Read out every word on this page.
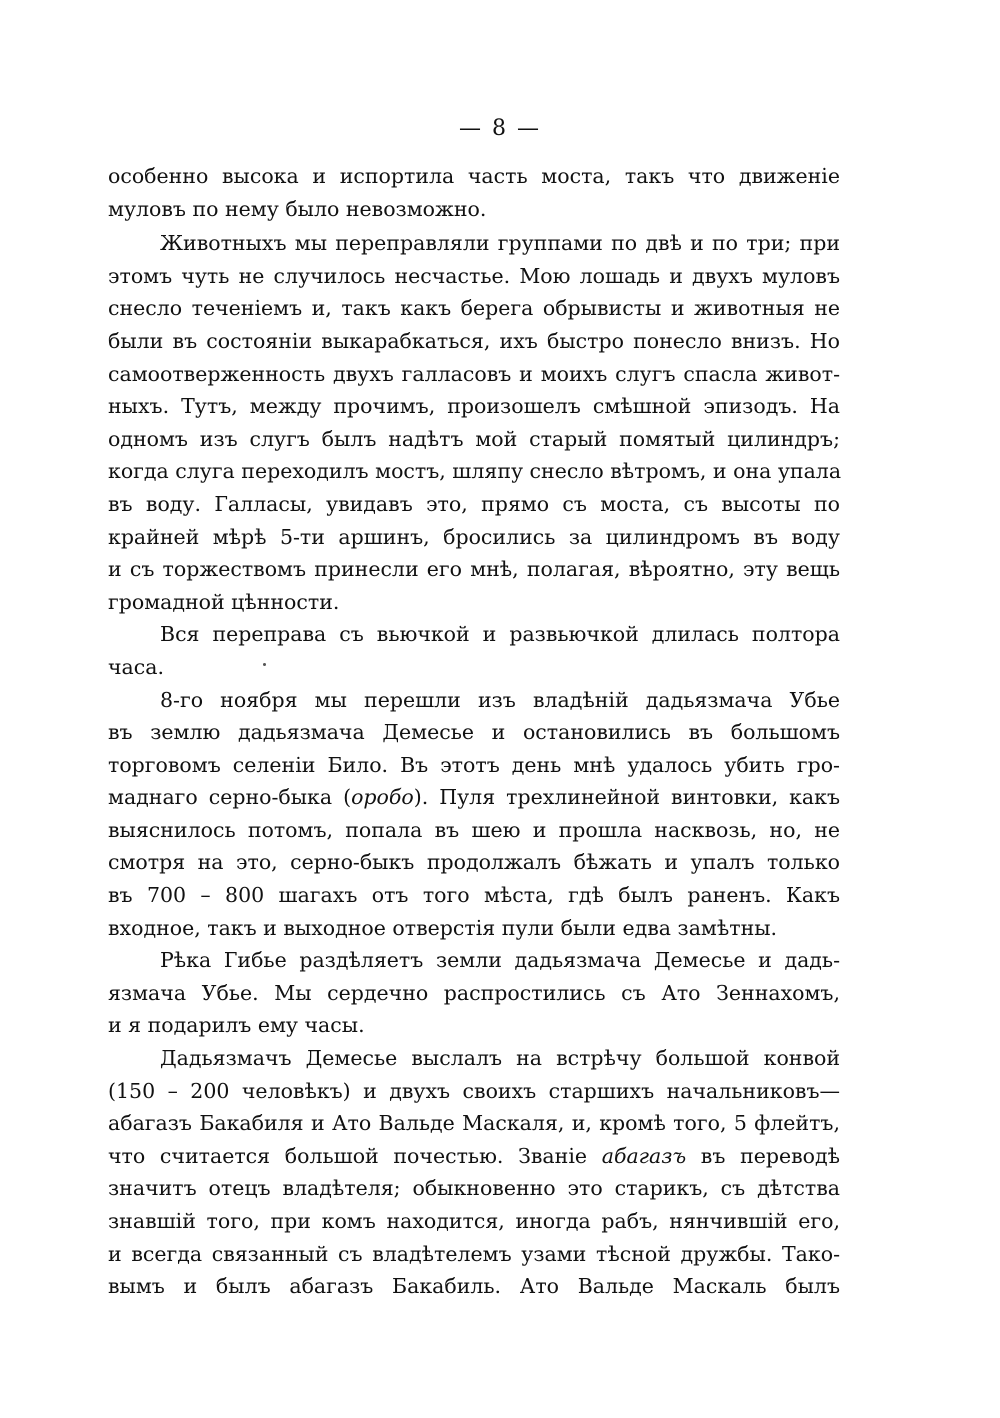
— 8 —
особенно высока и испортила часть моста, такъ что движенie
муловъ по нему было невозможно.
Животныхъ мы переправляли группами по двѣ и по три; при
этомъ чуть не случилось несчастье. Мою лошадь и двухъ муловъ
снесло теченiемъ и, такъ какъ берега обрывисты и животныя не
были въ состоянiи выкарабкаться, ихъ быстро понесло внизъ. Но
самоотверженность двухъ галласовъ и моихъ слугъ спасла живот-
ныхъ. Тутъ, между прочимъ, произошелъ смѣшной эпизодъ. На
одномъ изъ слугъ былъ надѣтъ мой старый помятый цилиндръ;
когда слуга переходилъ мостъ, шляпу снесло вѣтромъ, и она упала
въ воду. Галласы, увидавъ это, прямо съ моста, съ высоты по
крайней мѣрѣ 5-ти аршинъ, бросились за цилиндромъ въ воду
и съ торжествомъ принесли его мнѣ, полагая, вѣроятно, эту вещь
громадной цѣнности.
Вся переправа съ вьючкой и развьючкой длилась полтора
часа.
8-го ноября мы перешли изъ владѣнiй дадьязмача Убье
въ землю дадьязмача Демесье и остановились въ большомъ
торговомъ селенiи Било. Въ этотъ день мнѣ удалось убить гро-
маднаго серно-быка (оробо). Пуля трехлинейной винтовки, какъ
выяснилось потомъ, попала въ шею и прошла насквозь, но, не
смотря на это, серно-быкъ продолжалъ бѣжать и упалъ только
въ 700 – 800 шагахъ отъ того мѣста, гдѣ былъ раненъ. Какъ
входное, такъ и выходное отверстiя пули были едва замѣтны.
Рѣка Гибье раздѣляетъ земли дадьязмача Демесье и дадь-
язмача Убье. Мы сердечно распростились съ Ато Зеннахомъ,
и я подарилъ ему часы.
Дадьязмачъ Демесье выслалъ на встрѣчу большой конвой
(150 – 200 человѣкъ) и двухъ своихъ старшихъ начальниковъ—
абагазъ Бакабиля и Ато Вальде Маскаля, и, кромѣ того, 5 флейтъ,
что считается большой почестью. Званiе абагазъ въ переводѣ
значитъ отецъ владѣтеля; обыкновенно это старикъ, съ дѣтства
знавшiй того, при комъ находится, иногда рабъ, нянчившiй его,
и всегда связанный съ владѣтелемъ узами тѣсной дружбы. Тако-
вымъ и былъ абагазъ Бакабиль. Ато Вальде Маскаль былъ
